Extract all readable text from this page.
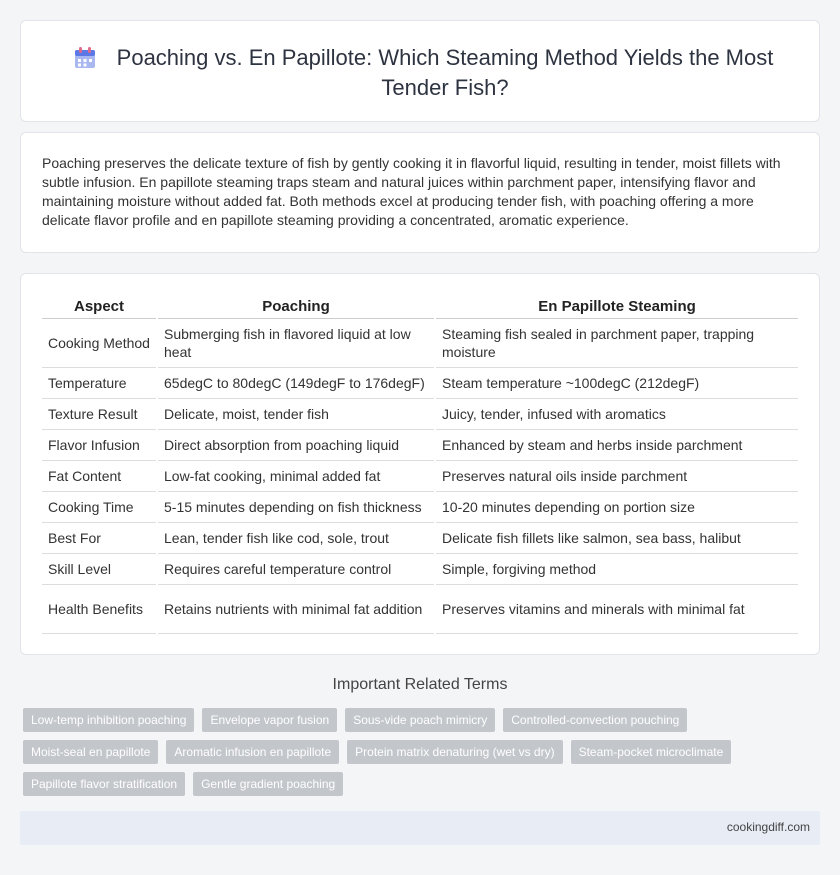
Poaching vs. En Papillote: Which Steaming Method Yields the Most Tender Fish?

Poaching preserves the delicate texture of fish by gently cooking it in flavorful liquid, resulting in tender, moist fillets with subtle infusion. En papillote steaming traps steam and natural juices within parchment paper, intensifying flavor and maintaining moisture without added fat. Both methods excel at producing tender fish, with poaching offering a more delicate flavor profile and en papillote steaming providing a concentrated, aromatic experience.

Aspect	Poaching	En Papillote Steaming
Cooking Method	Submerging fish in flavored liquid at low heat	Steaming fish sealed in parchment paper, trapping moisture
Temperature	65degC to 80degC (149degF to 176degF)	Steam temperature ~100degC (212degF)
Texture Result	Delicate, moist, tender fish	Juicy, tender, infused with aromatics
Flavor Infusion	Direct absorption from poaching liquid	Enhanced by steam and herbs inside parchment
Fat Content	Low-fat cooking, minimal added fat	Preserves natural oils inside parchment
Cooking Time	5-15 minutes depending on fish thickness	10-20 minutes depending on portion size
Best For	Lean, tender fish like cod, sole, trout	Delicate fish fillets like salmon, sea bass, halibut
Skill Level	Requires careful temperature control	Simple, forgiving method
Health Benefits	Retains nutrients with minimal fat addition	Preserves vitamins and minerals with minimal fat
Important Related Terms
Low-temp inhibition poaching	Envelope vapor fusion	Sous-vide poach mimicry	Controlled-convection pouching
Moist-seal en papillote	Aromatic infusion en papillote	Protein matrix denaturing (wet vs dry)	Steam-pocket microclimate
Papillote flavor stratification	Gentle gradient poaching
cookingdiff.com
